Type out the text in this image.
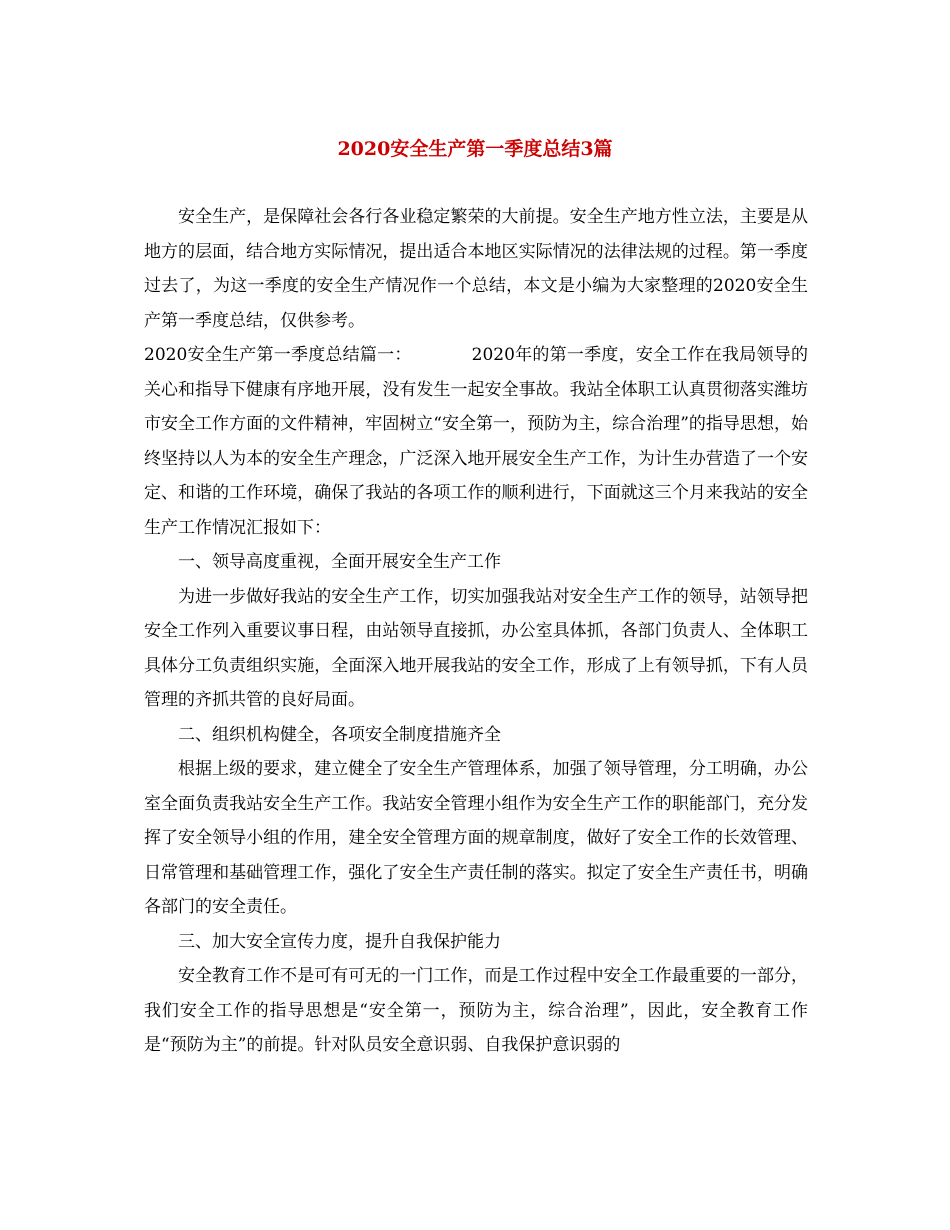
2020安全生产第一季度总结3篇

安全生产，是保障社会各行各业稳定繁荣的大前提。安全生产地方性立法，主要是从地方的层面，结合地方实际情况，提出适合本地区实际情况的法律法规的过程。第一季度过去了，为这一季度的安全生产情况作一个总结，本文是小编为大家整理的2020安全生产第一季度总结，仅供参考。

2020安全生产第一季度总结篇一：	2020年的第一季度，安全工作在我局领导的关心和指导下健康有序地开展，没有发生一起安全事故。我站全体职工认真贯彻落实潍坊市安全工作方面的文件精神，牢固树立“安全第一，预防为主，综合治理”的指导思想，始终坚持以人为本的安全生产理念，广泛深入地开展安全生产工作，为计生办营造了一个安定、和谐的工作环境，确保了我站的各项工作的顺利进行，下面就这三个月来我站的安全生产工作情况汇报如下：

一、领导高度重视，全面开展安全生产工作

为进一步做好我站的安全生产工作，切实加强我站对安全生产工作的领导，站领导把安全工作列入重要议事日程，由站领导直接抓，办公室具体抓，各部门负责人、全体职工具体分工负责组织实施，全面深入地开展我站的安全工作，形成了上有领导抓，下有人员管理的齐抓共管的良好局面。

二、组织机构健全，各项安全制度措施齐全

根据上级的要求，建立健全了安全生产管理体系，加强了领导管理，分工明确，办公室全面负责我站安全生产工作。我站安全管理小组作为安全生产工作的职能部门，充分发挥了安全领导小组的作用，建全安全管理方面的规章制度，做好了安全工作的长效管理、日常管理和基础管理工作，强化了安全生产责任制的落实。拟定了安全生产责任书，明确各部门的安全责任。

三、加大安全宣传力度，提升自我保护能力

安全教育工作不是可有可无的一门工作，而是工作过程中安全工作最重要的一部分，我们安全工作的指导思想是“安全第一，预防为主，综合治理”，因此，安全教育工作是“预防为主”的前提。针对队员安全意识弱、自我保护意识弱的
